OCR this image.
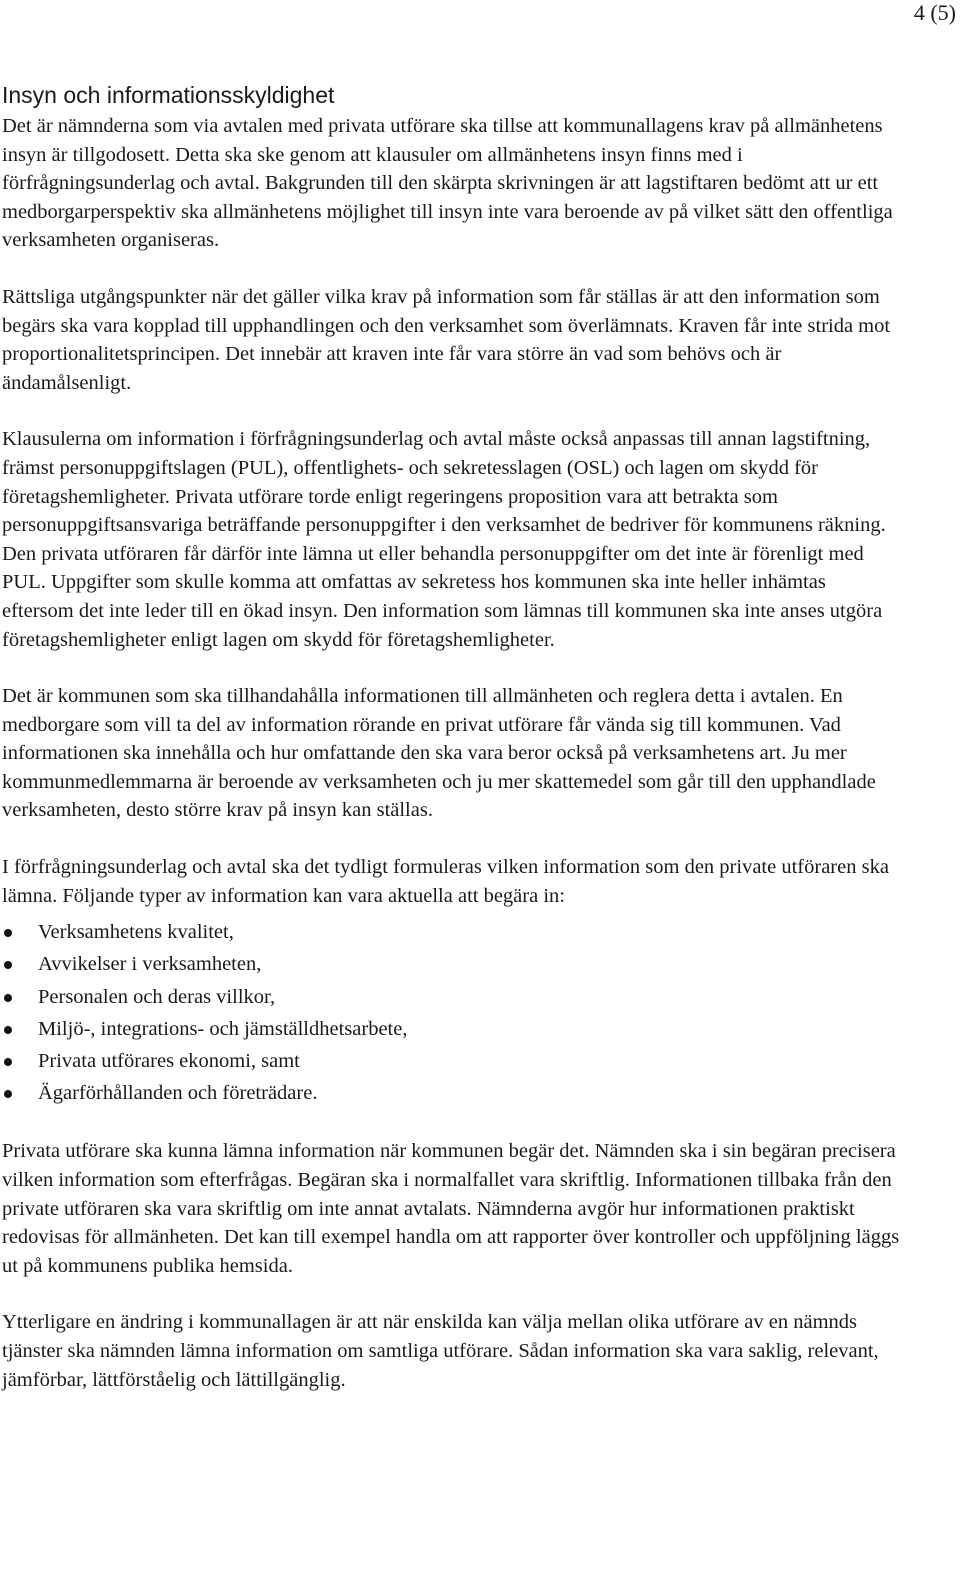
4 (5)
Insyn och informationsskyldighet

Det är nämnderna som via avtalen med privata utförare ska tillse att kommunallagens krav på allmänhetens insyn är tillgodosett. Detta ska ske genom att klausuler om allmänhetens insyn finns med i förfrågningsunderlag och avtal. Bakgrunden till den skärpta skrivningen är att lagstiftaren bedömt att ur ett medborgarperspektiv ska allmänhetens möjlighet till insyn inte vara beroende av på vilket sätt den offentliga verksamheten organiseras.

Rättsliga utgångspunkter när det gäller vilka krav på information som får ställas är att den information som begärs ska vara kopplad till upphandlingen och den verksamhet som överlämnats. Kraven får inte strida mot proportionalitetsprincipen. Det innebär att kraven inte får vara större än vad som behövs och är ändamålsenligt.

Klausulerna om information i förfrågningsunderlag och avtal måste också anpassas till annan lagstiftning, främst personuppgiftslagen (PUL), offentlighets- och sekretesslagen (OSL) och lagen om skydd för företagshemligheter. Privata utförare torde enligt regeringens proposition vara att betrakta som personuppgiftsansvariga beträffande personuppgifter i den verksamhet de bedriver för kommunens räkning. Den privata utföraren får därför inte lämna ut eller behandla personuppgifter om det inte är förenligt med PUL. Uppgifter som skulle komma att omfattas av sekretess hos kommunen ska inte heller inhämtas eftersom det inte leder till en ökad insyn. Den information som lämnas till kommunen ska inte anses utgöra företagshemligheter enligt lagen om skydd för företagshemligheter.

Det är kommunen som ska tillhandahålla informationen till allmänheten och reglera detta i avtalen. En medborgare som vill ta del av information rörande en privat utförare får vända sig till kommunen. Vad informationen ska innehålla och hur omfattande den ska vara beror också på verksamhetens art. Ju mer kommunmedlemmarna är beroende av verksamheten och ju mer skattemedel som går till den upphandlade verksamheten, desto större krav på insyn kan ställas.

I förfrågningsunderlag och avtal ska det tydligt formuleras vilken information som den private utföraren ska lämna. Följande typer av information kan vara aktuella att begära in:

Verksamhetens kvalitet,
Avvikelser i verksamheten,
Personalen och deras villkor,
Miljö-, integrations- och jämställdhetsarbete,
Privata utförares ekonomi, samt
Ägarförhållanden och företrädare.

Privata utförare ska kunna lämna information när kommunen begär det. Nämnden ska i sin begäran precisera vilken information som efterfrågas. Begäran ska i normalfallet vara skriftlig. Informationen tillbaka från den private utföraren ska vara skriftlig om inte annat avtalats. Nämnderna avgör hur informationen praktiskt redovisas för allmänheten. Det kan till exempel handla om att rapporter över kontroller och uppföljning läggs ut på kommunens publika hemsida.

Ytterligare en ändring i kommunallagen är att när enskilda kan välja mellan olika utförare av en nämnds tjänster ska nämnden lämna information om samtliga utförare. Sådan information ska vara saklig, relevant, jämförbar, lättförståelig och lättillgänglig.
